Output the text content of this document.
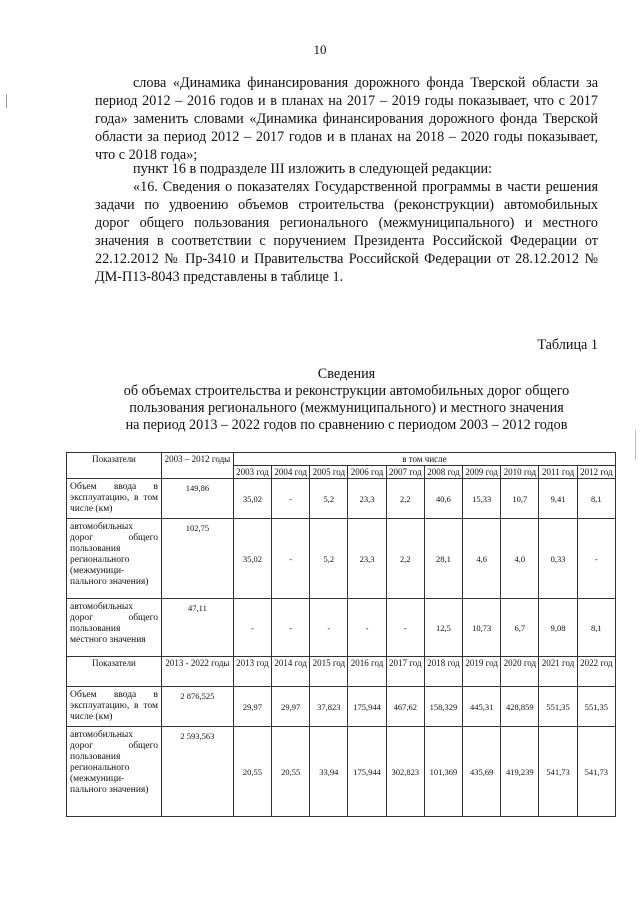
10
слова «Динамика финансирования дорожного фонда Тверской области за период 2012 – 2016 годов и в планах на 2017 – 2019 годы показывает, что с 2017 года» заменить словами «Динамика финансирования дорожного фонда Тверской области за период 2012 – 2017 годов и в планах на 2018 – 2020 годы показывает, что с 2018 года»;
пункт 16 в подразделе III изложить в следующей редакции:
«16. Сведения о показателях Государственной программы в части решения задачи по удвоению объемов строительства (реконструкции) автомобильных дорог общего пользования регионального (межмуниципального) и местного значения в соответствии с поручением Президента Российской Федерации от 22.12.2012 № Пр-3410 и Правительства Российской Федерации от 28.12.2012 № ДМ-П13-8043 представлены в таблице 1.
Таблица 1
Сведения
об объемах строительства и реконструкции автомобильных дорог общего
пользования регионального (межмуниципального) и местного значения
на период 2013 – 2022 годов по сравнению с периодом 2003 – 2012 годов
Показатели	2003 – 2012 годы	в том числе									
		2003 год	2004 год	2005 год	2006 год	2007 год	2008 год	2009 год	2010 год	2011 год	2012 год
Объем ввода в эксплуатацию, в том числе (км)	149,86	35,02	-	5,2	23,3	2,2	40,6	15,33	10,7	9,41	8,1
автомобильных дорог общего пользования регионального (межмуници-пального значения)	102,75	35,02	-	5,2	23,3	2,2	28,1	4,6	4,0	0,33	-
автомобильных дорог общего пользования местного значения	47,11	-	-	-	-	-	12,5	10,73	6,7	9,08	8,1
Показатели	2013 - 2022 годы	2013 год	2014 год	2015 год	2016 год	2017 год	2018 год	2019 год	2020 год	2021 год	2022 год
Объем ввода в эксплуатацию, в том числе (км)	2 876,525	29,97	29,97	37,823	175,944	467,62	158,329	445,31	428,859	551,35	551,35
автомобильных дорог общего пользования регионального (межмуници-пального значения)	2 593,563	20,55	20,55	33,94	175,944	302,823	101,369	435,69	419,239	541,73	541,73
